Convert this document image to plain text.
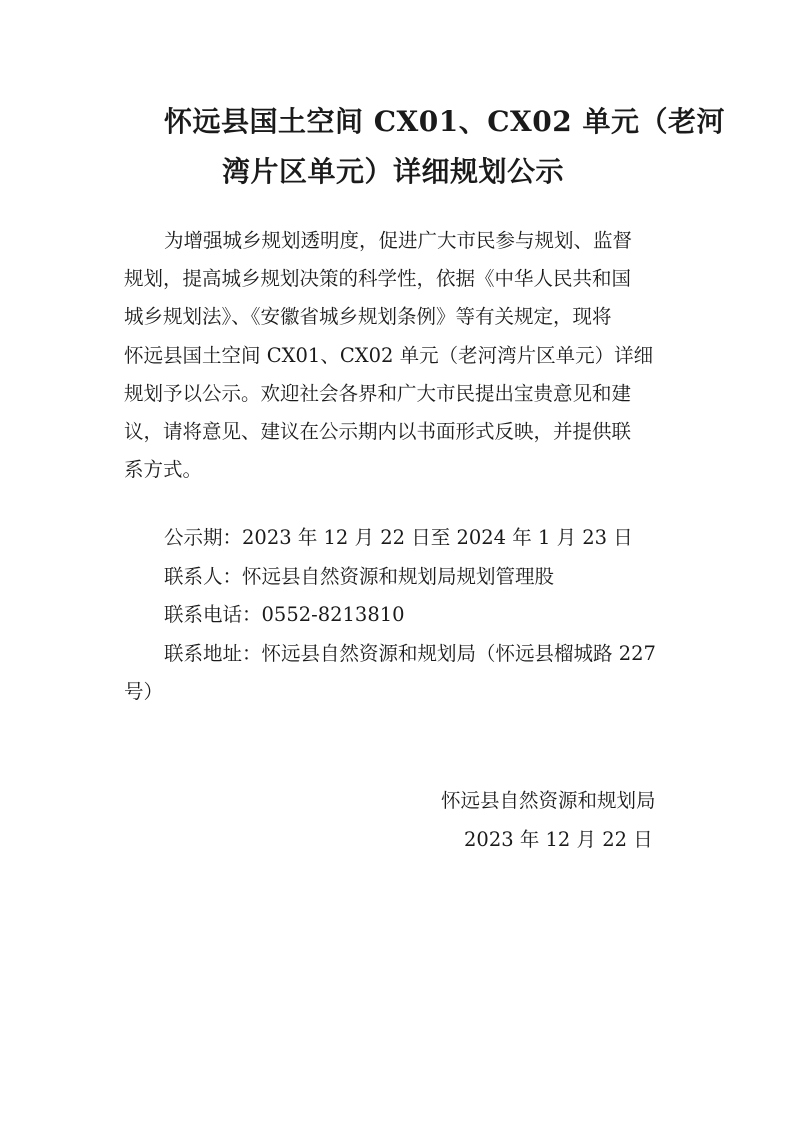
怀远县国土空间 CX01、CX02 单元（老河
湾片区单元）详细规划公示
为增强城乡规划透明度，促进广大市民参与规划、监督
规划，提高城乡规划决策的科学性，依据《中华人民共和国
城乡规划法》、《安徽省城乡规划条例》等有关规定，现将
怀远县国土空间 CX01、CX02 单元（老河湾片区单元）详细
规划予以公示。欢迎社会各界和广大市民提出宝贵意见和建
议，请将意见、建议在公示期内以书面形式反映，并提供联
系方式。
公示期：2023 年 12 月 22 日至 2024 年 1 月 23 日
联系人：怀远县自然资源和规划局规划管理股
联系电话：0552-8213810
联系地址：怀远县自然资源和规划局（怀远县榴城路 227
号）
怀远县自然资源和规划局
2023 年 12 月 22 日
